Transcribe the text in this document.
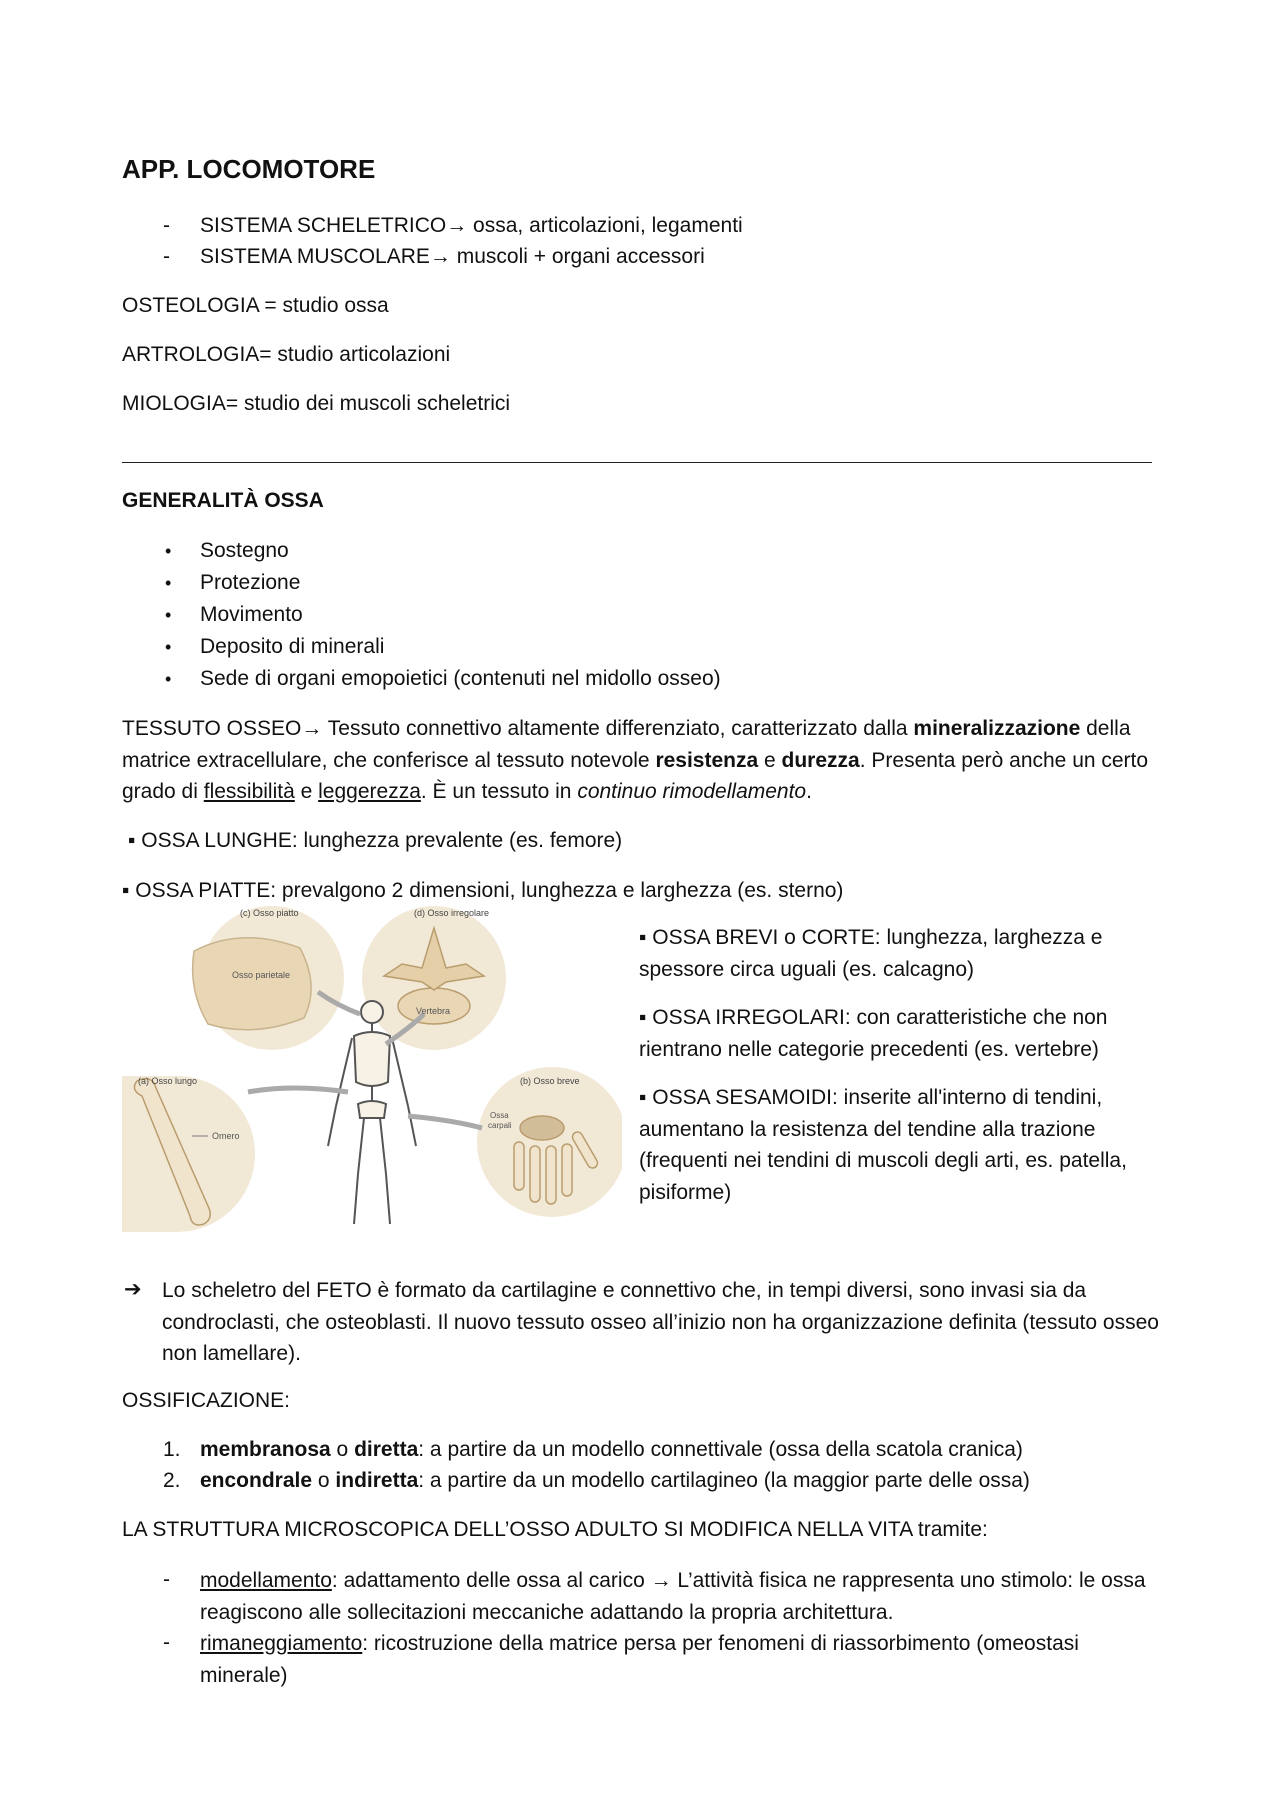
APP. LOCOMOTORE
- SISTEMA SCHELETRICO→ ossa, articolazioni, legamenti
- SISTEMA MUSCOLARE→ muscoli + organi accessori
OSTEOLOGIA = studio ossa
ARTROLOGIA= studio articolazioni
MIOLOGIA= studio dei muscoli scheletrici
GENERALITÀ OSSA
• Sostegno
• Protezione
• Movimento
• Deposito di minerali
• Sede di organi emopoietici (contenuti nel midollo osseo)
TESSUTO OSSEO→ Tessuto connettivo altamente differenziato, caratterizzato dalla mineralizzazione della matrice extracellulare, che conferisce al tessuto notevole resistenza e durezza. Presenta però anche un certo grado di flessibilità e leggerezza. È un tessuto in continuo rimodellamento.
▪ OSSA LUNGHE: lunghezza prevalente (es. femore)
▪ OSSA PIATTE: prevalgono 2 dimensioni, lunghezza e larghezza (es. sterno)
(c) Osso piatto	(d) Osso irregolare
(a) Osso lungo	(b) Osso breve
Osso parietale
Vertebra
Omero
Ossa
carpali
▪ OSSA BREVI o CORTE: lunghezza, larghezza e spessore circa uguali (es. calcagno)
▪ OSSA IRREGOLARI: con caratteristiche che non rientrano nelle categorie precedenti (es. vertebre)
▪ OSSA SESAMOIDI: inserite all'interno di tendini, aumentano la resistenza del tendine alla trazione (frequenti nei tendini di muscoli degli arti, es. patella, pisiforme)
➔ Lo scheletro del FETO è formato da cartilagine e connettivo che, in tempi diversi, sono invasi sia da condroclasti, che osteoblasti. Il nuovo tessuto osseo all’inizio non ha organizzazione definita (tessuto osseo non lamellare).
OSSIFICAZIONE:
1. membranosa o diretta: a partire da un modello connettivale (ossa della scatola cranica)
2. encondrale o indiretta: a partire da un modello cartilagineo (la maggior parte delle ossa)
LA STRUTTURA MICROSCOPICA DELL’OSSO ADULTO SI MODIFICA NELLA VITA tramite:
- modellamento: adattamento delle ossa al carico → L’attività fisica ne rappresenta uno stimolo: le ossa reagiscono alle sollecitazioni meccaniche adattando la propria architettura.
- rimaneggiamento: ricostruzione della matrice persa per fenomeni di riassorbimento (omeostasi minerale)
